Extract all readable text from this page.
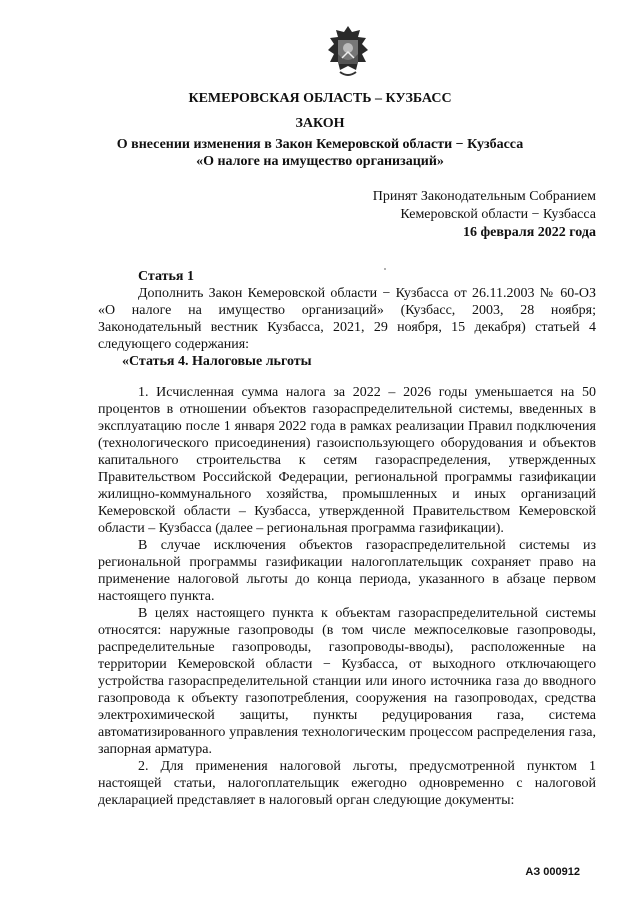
КЕМЕРОВСКАЯ ОБЛАСТЬ – КУЗБАСС
ЗАКОН
О внесении изменения в Закон Кемеровской области − Кузбасса
«О налоге на имущество организаций»
Принят Законодательным Собранием
Кемеровской области − Кузбасса
16 февраля 2022 года
Статья 1

Дополнить Закон Кемеровской области − Кузбасса от 26.11.2003 № 60-ОЗ «О налоге на имущество организаций» (Кузбасс, 2003, 28 ноября; Законодательный вестник Кузбасса, 2021, 29 ноября, 15 декабря) статьей 4 следующего содержания:

«Статья 4. Налоговые льготы

1. Исчисленная сумма налога за 2022 – 2026 годы уменьшается на 50 процентов в отношении объектов газораспределительной системы, введенных в эксплуатацию после 1 января 2022 года в рамках реализации Правил подключения (технологического присоединения) газоиспользующего оборудования и объектов капитального строительства к сетям газораспределения, утвержденных Правительством Российской Федерации, региональной программы газификации жилищно-коммунального хозяйства, промышленных и иных организаций Кемеровской области – Кузбасса, утвержденной Правительством Кемеровской области – Кузбасса (далее – региональная программа газификации).

В случае исключения объектов газораспределительной системы из региональной программы газификации налогоплательщик сохраняет право на применение налоговой льготы до конца периода, указанного в абзаце первом настоящего пункта.

В целях настоящего пункта к объектам газораспределительной системы относятся: наружные газопроводы (в том числе межпоселковые газопроводы, распределительные газопроводы, газопроводы-вводы), расположенные на территории Кемеровской области − Кузбасса, от выходного отключающего устройства газораспределительной станции или иного источника газа до вводного газопровода к объекту газопотребления, сооружения на газопроводах, средства электрохимической защиты, пункты редуцирования газа, система автоматизированного управления технологическим процессом распределения газа, запорная арматура.

2. Для применения налоговой льготы, предусмотренной пунктом 1 настоящей статьи, налогоплательщик ежегодно одновременно с налоговой декларацией представляет в налоговый орган следующие документы:

АЗ 000912
